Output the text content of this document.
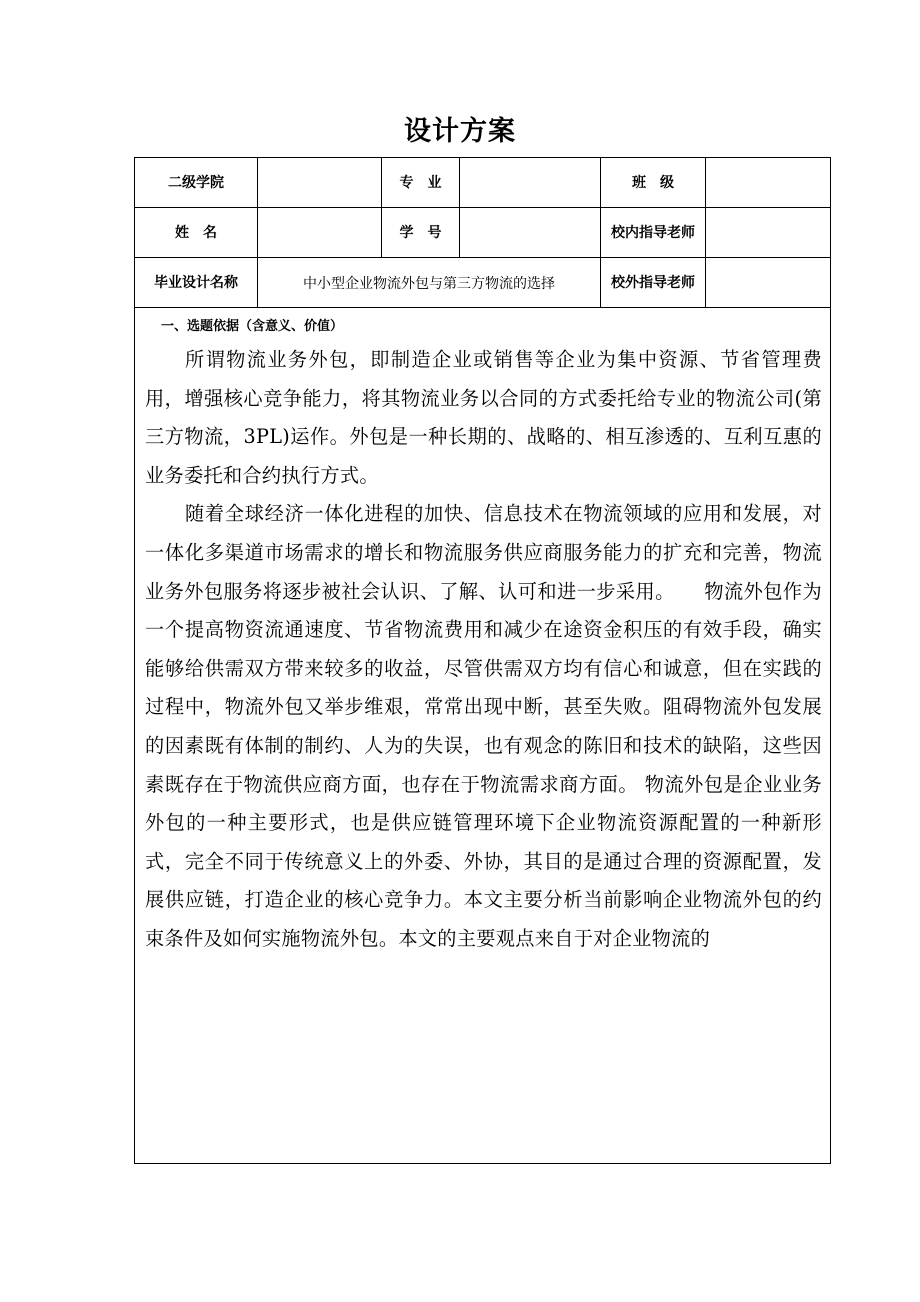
设计方案
二级学院		专　业		班　级	
姓　名		学　号		校内指导老师	
毕业设计名称	中小型企业物流外包与第三方物流的选择			校外指导老师	

一、选题依据（含意义、价值）

所谓物流业务外包，即制造企业或销售等企业为集中资源、节省管理费用，增强核心竞争能力，将其物流业务以合同的方式委托给专业的物流公司(第三方物流，3PL)运作。外包是一种长期的、战略的、相互渗透的、互利互惠的业务委托和合约执行方式。

随着全球经济一体化进程的加快、信息技术在物流领域的应用和发展，对一体化多渠道市场需求的增长和物流服务供应商服务能力的扩充和完善，物流业务外包服务将逐步被社会认识、了解、认可和进一步采用。　　物流外包作为一个提高物资流通速度、节省物流费用和减少在途资金积压的有效手段，确实能够给供需双方带来较多的收益，尽管供需双方均有信心和诚意，但在实践的过程中，物流外包又举步维艰，常常出现中断，甚至失败。阻碍物流外包发展的因素既有体制的制约、人为的失误，也有观念的陈旧和技术的缺陷，这些因素既存在于物流供应商方面，也存在于物流需求商方面。 物流外包是企业业务外包的一种主要形式，也是供应链管理环境下企业物流资源配置的一种新形式，完全不同于传统意义上的外委、外协，其目的是通过合理的资源配置，发展供应链，打造企业的核心竞争力。本文主要分析当前影响企业物流外包的约束条件及如何实施物流外包。本文的主要观点来自于对企业物流的					
